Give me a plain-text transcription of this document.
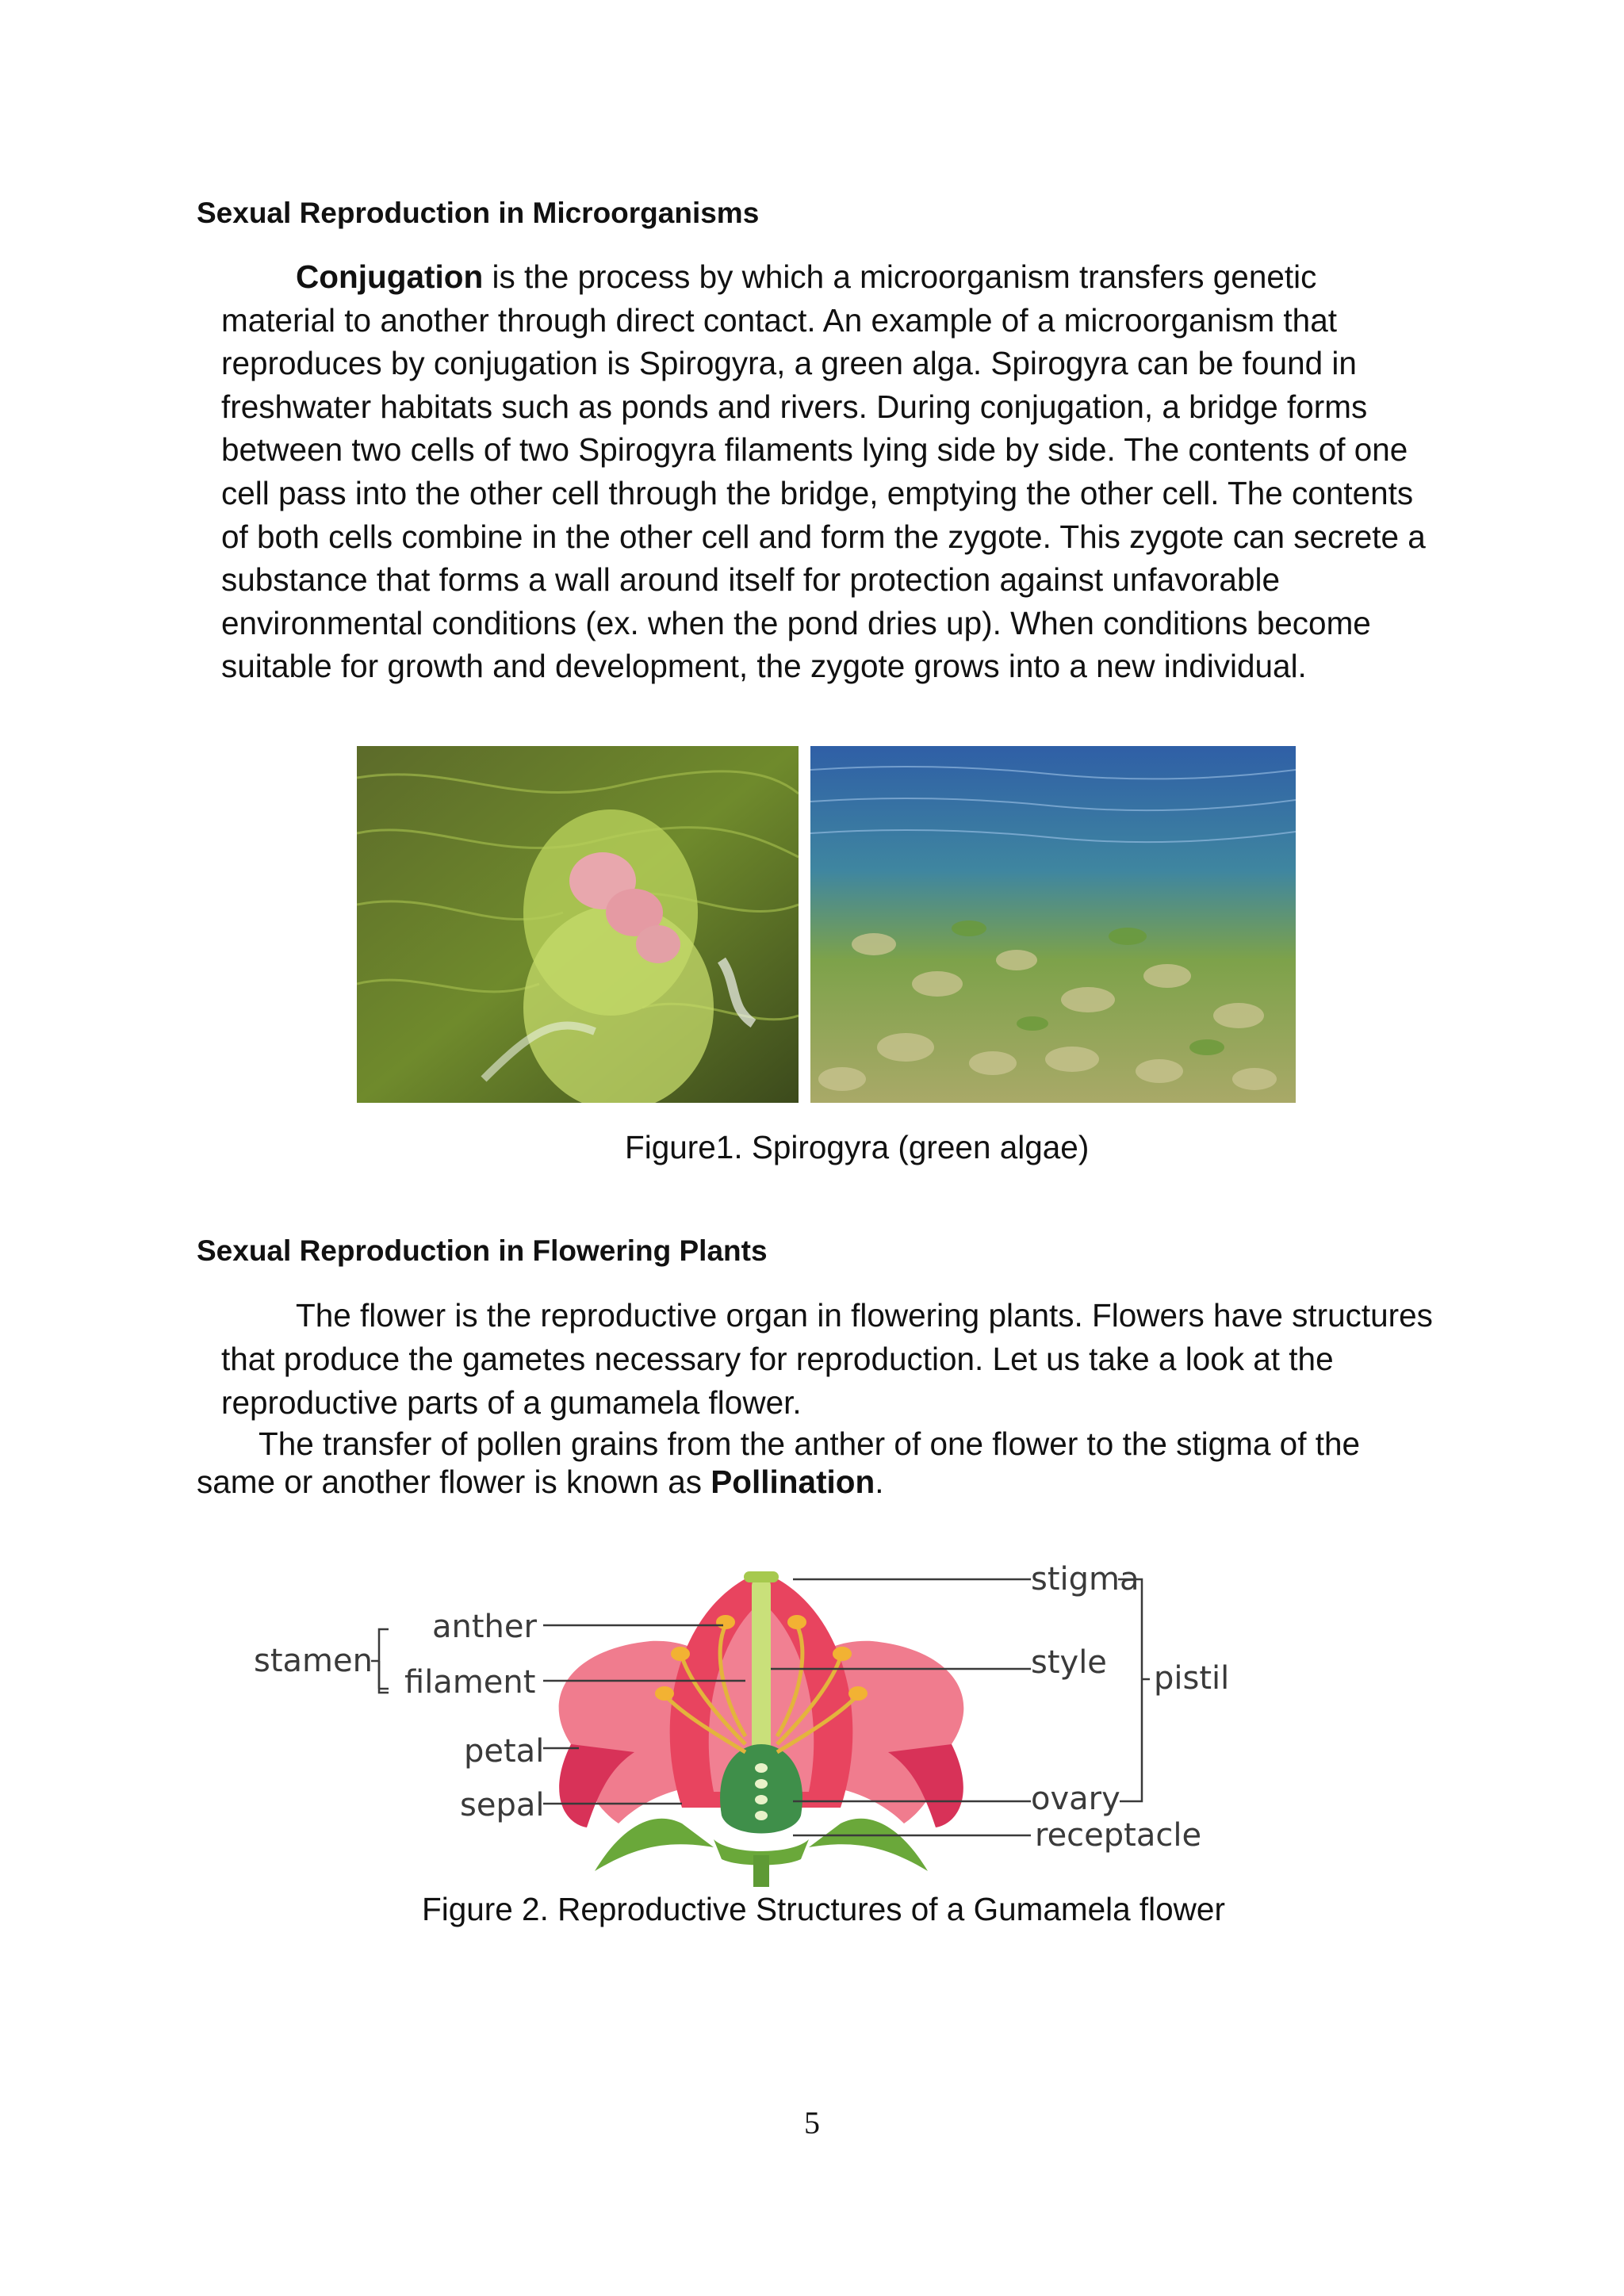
Sexual Reproduction in Microorganisms

Conjugation is the process by which a microorganism transfers genetic material to another through direct contact. An example of a microorganism that reproduces by conjugation is Spirogyra, a green alga. Spirogyra can be found in freshwater habitats such as ponds and rivers. During conjugation, a bridge forms between two cells of two Spirogyra filaments lying side by side. The contents of one cell pass into the other cell through the bridge, emptying the other cell. The contents of both cells combine in the other cell and form the zygote. This zygote can secrete a substance that forms a wall around itself for protection against unfavorable environmental conditions (ex. when the pond dries up). When conditions become suitable for growth and development, the zygote grows into a new individual.

Figure1. Spirogyra (green algae)

Sexual Reproduction in Flowering Plants

The flower is the reproductive organ in flowering plants. Flowers have structures that produce the gametes necessary for reproduction. Let us take a look at the reproductive parts of a gumamela flower.

The transfer of pollen grains from the anther of one flower to the stigma of the same or another flower is known as Pollination.

stamen
anther
filament
petal
sepal
stigma
style pistil
ovary
receptacle

Figure 2. Reproductive Structures of a Gumamela flower

5
